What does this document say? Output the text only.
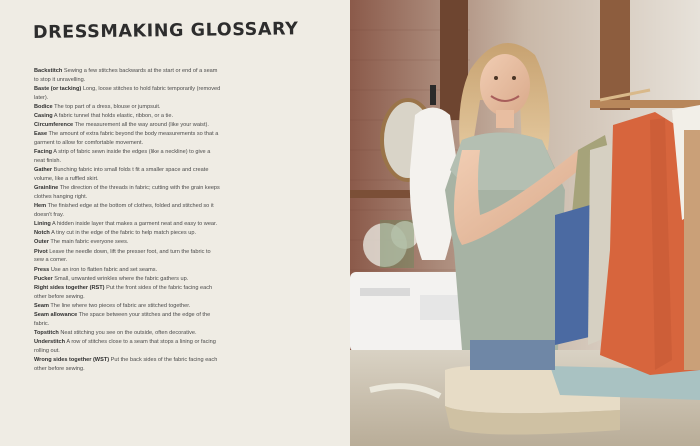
DRESSMAKING GLOSSARY

Backstitch Sewing a few stitches backwards at the start or end of a seam to stop it unravelling.

Baste (or tacking) Long, loose stitches to hold fabric temporarily (removed later).

Bodice The top part of a dress, blouse or jumpsuit.

Casing A fabric tunnel that holds elastic, ribbon, or a tie.

Circumference The measurement all the way around (like your waist).

Ease The amount of extra fabric beyond the body measurements so that a garment to allow for comfortable movement.

Facing A strip of fabric sewn inside the edges (like a neckline) to give a neat finish.

Gather Bunching fabric into small folds t fit a smaller space and create volume, like a ruffled skirt.

Grainline The direction of the threads in fabric; cutting with the grain keeps clothes hanging right.

Hem The finished edge at the bottom of clothes, folded and stitched so it doesn't fray.

Lining A hidden inside layer that makes a garment neat and easy to wear.

Notch A tiny cut in the edge of the fabric to help match pieces up.

Outer The main fabric everyone sees.

Pivot Leave the needle down, lift the presser foot, and turn the fabric to sew a corner.

Press Use an iron to flatten fabric and set seams.

Pucker Small, unwanted wrinkles where the fabric gathers up.

Right sides together (RST) Put the front sides of the fabric facing each other before sewing.

Seam The line where two pieces of fabric are stitched together.

Seam allowance The space between your stitches and the edge of the fabric.

Topstitch Neat stitching you see on the outside, often decorative.

Understitch A row of stitches close to a seam that stops a lining or facing rolling out.

Wrong sides together (WST) Put the back sides of the fabric facing each other before sewing.
